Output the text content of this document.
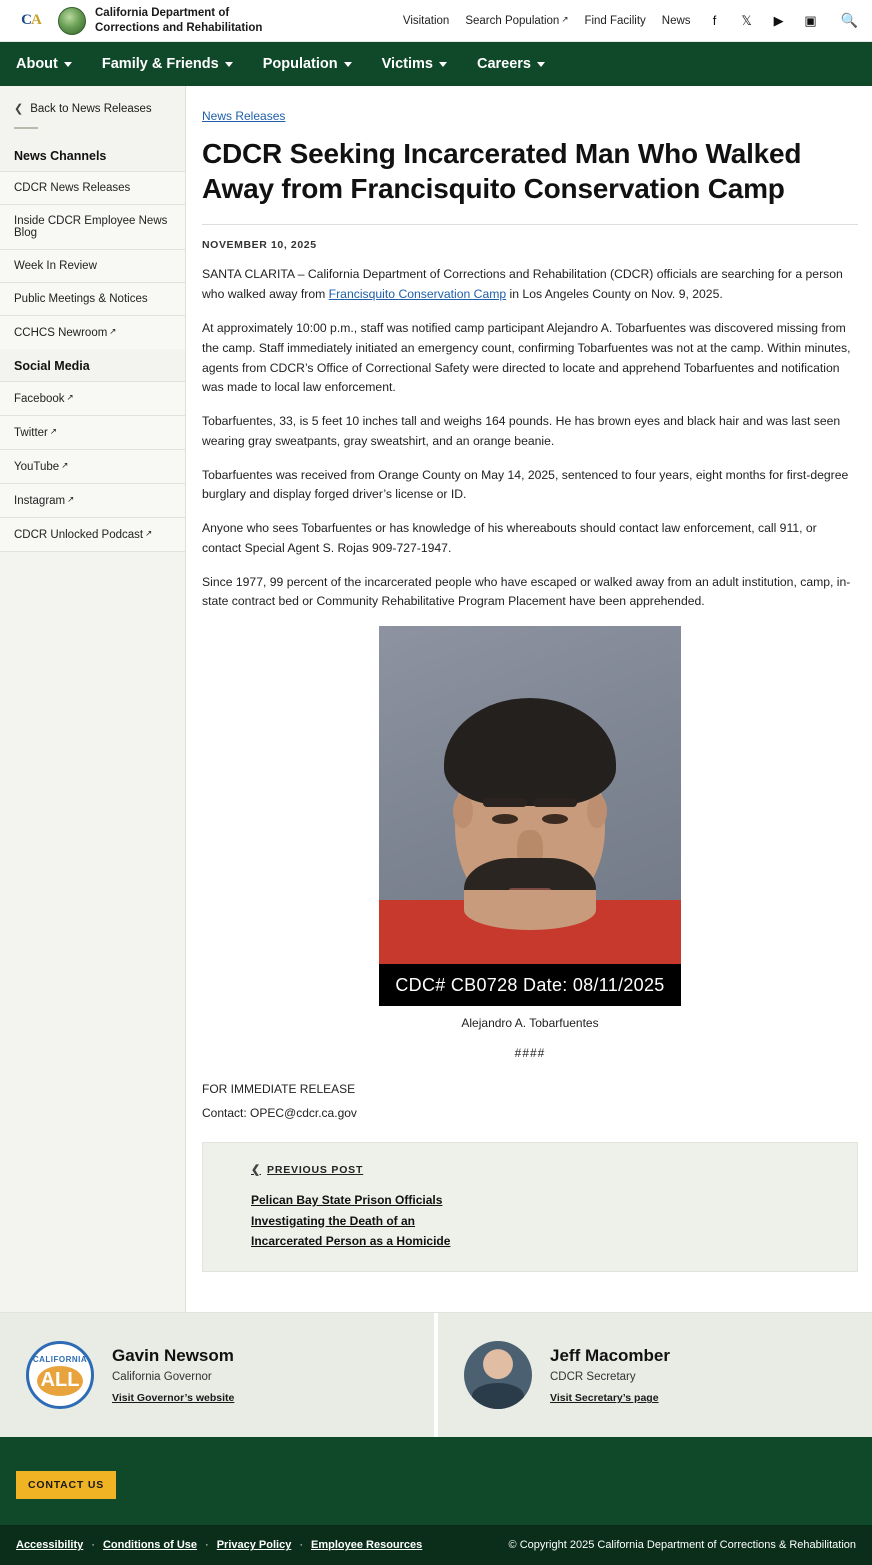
C A	California Department of
Corrections and Rehabilitation
Visitation Search Population ↗ Find Facility News	f	𝕏 ▶ ▣ 🔍
About	Family & Friends	Population	Victims	Careers
❮ Back to News Releases
News Channels
CDCR News Releases
Inside CDCR Employee News Blog
Week In Review
Public Meetings & Notices
CCHCS Newroom ↗
Social Media
Facebook ↗
Twitter ↗
YouTube ↗
Instagram ↗
CDCR Unlocked Podcast ↗
News Releases
CDCR Seeking Incarcerated Man Who Walked Away from Francisquito Conservation Camp
NOVEMBER 10, 2025

SANTA CLARITA – California Department of Corrections and Rehabilitation (CDCR) officials are searching for a person who walked away from Francisquito Conservation Camp in Los Angeles County on Nov. 9, 2025.

At approximately 10:00 p.m., staff was notified camp participant Alejandro A. Tobarfuentes was discovered missing from the camp. Staff immediately initiated an emergency count, confirming Tobarfuentes was not at the camp. Within minutes, agents from CDCR’s Office of Correctional Safety were directed to locate and apprehend Tobarfuentes and notification was made to local law enforcement.

Tobarfuentes, 33, is 5 feet 10 inches tall and weighs 164 pounds. He has brown eyes and black hair and was last seen wearing gray sweatpants, gray sweatshirt, and an orange beanie.

Tobarfuentes was received from Orange County on May 14, 2025, sentenced to four years, eight months for first-degree burglary and display forged driver’s license or ID.

Anyone who sees Tobarfuentes or has knowledge of his whereabouts should contact law enforcement, call 911, or contact Special Agent S. Rojas 909-727-1947.

Since 1977, 99 percent of the incarcerated people who have escaped or walked away from an adult institution, camp, in-state contract bed or Community Rehabilitative Program Placement have been apprehended.

CDC# CB0728 Date: 08/11/2025
Alejandro A. Tobarfuentes
####
FOR IMMEDIATE RELEASE
Contact: OPEC@cdcr.ca.gov
❮ PREVIOUS POST
Pelican Bay State Prison Officials Investigating the Death of an Incarcerated Person as a Homicide
CALIFORNIA
ALL
Gavin Newsom
California Governor
Visit Governor’s website
Jeff Macomber
CDCR Secretary
Visit Secretary’s page
CONTACT US
Accessibility · Conditions of Use · Privacy Policy · Employee Resources	© Copyright 2025 California Department of Corrections & Rehabilitation
